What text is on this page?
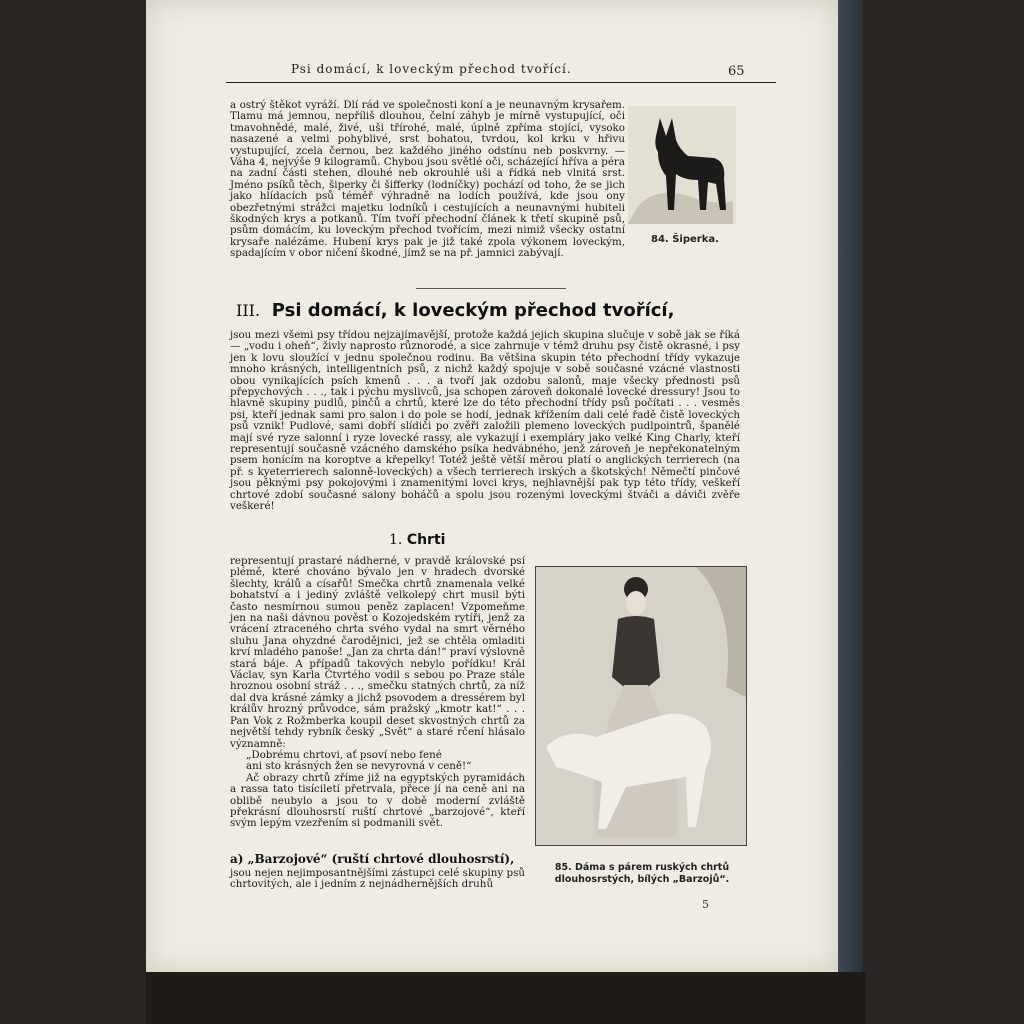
Psi domácí, k loveckým přechod tvořící.	65

a ostrý štěkot vyráží. Dlí rád ve společnosti koní a je neunavným krysařem. Tlamu má jemnou, nepříliš dlouhou, čelní záhyb je mírně vystupující, oči tmavohnědé, malé, živé, uši třírohé, malé, úplně zpříma stojící, vysoko nasazené a velmi pohyblivé, srst bohatou, tvrdou, kol krku v hřivu vystupující, zcela černou, bez každého jiného odstínu neb poskvrny. — Váha 4, nejvýše 9 kilogramů. Chybou jsou světlé oči, scházející hříva a péra na zadní části stehen, dlouhé neb okrouhlé uši a řídká neb vlnitá srst. Jméno psíků těch, šiperky či šifferky (lodníčky) pochází od toho, že se jich jako hlídacích psů téměř výhradně na lodích používá, kde jsou ony obezřetnými strážci majetku lodníků i cestujících a neunavnými hubiteli škodných krys a potkanů. Tím tvoří přechodní článek k třetí skupině psů, psům domácím, ku loveckým přechod tvořícím, mezi nimiž všecky ostatní krysaře nalézáme. Hubení krys pak je již také zpola výkonem loveckým, spadajícím v obor ničení škodné, jímž se na př. jamnici zabývají.

84. Šiperka.
III. Psi domácí, k loveckým přechod tvořící,

jsou mezi všemi psy třídou nejzajímavější, protože každá jejich skupina slučuje v sobě jak se říká — „vodu i oheň“, živly naprosto různorodé, a sice zahrnuje v témž druhu psy čistě okrasné, i psy jen k lovu sloužící v jednu společnou rodinu. Ba většina skupin této přechodní třídy vykazuje mnoho krásných, intelligentních psů, z nichž každý spojuje v sobě současné vzácné vlastnosti obou vynikajících psích kmenů . . . a tvoří jak ozdobu salonů, maje všecky přednosti psů přepychových . . ., tak i pýchu myslivců, jsa schopen zároveň dokonalé lovecké dressury! Jsou to hlavně skupiny pudlů, pinčů a chrtů, které lze do této přechodní třídy psů počítati . . . vesměs psi, kteří jednak sami pro salon i do pole se hodí, jednak křížením dali celé řadě čistě loveckých psů vznik! Pudlové, sami dobří slídiči po zvěři založili plemeno loveckých pudlpointrů, španělé mají své ryze salonní i ryze lovecké rassy, ale vykazují i exempláry jako velké King Charly, kteří representují současně vzácného damského psíka hedvábného, jenž zároveň je nepřekonatelným psem honícím na koroptve a křepelky! Totéž ještě větší měrou platí o anglických terrierech (na př. s kyeterrierech salonně-loveckých) a všech terrierech irských a škotských! Němečtí pinčové jsou pěknými psy pokojovými i znamenitými lovci krys, nejhlavnější pak typ této třídy, veškeří chrtové zdobí současné salony boháčů a spolu jsou rozenými loveckými štváči a dáviči zvěře veškeré!

1. Chrti
representují prastaré nádherné, v pravdě královské psí plémě, které chováno bývalo jen v hradech dvorské šlechty, králů a císařů! Smečka chrtů znamenala velké bohatství a i jediný zvláště velkolepý chrt musil býti často nesmírnou sumou peněz zaplacen! Vzpomeňme jen na naši dávnou pověst o Kozojedském rytíři, jenž za vrácení ztraceného chrta svého vydal na smrt věrného sluhu Jana ohyzdné čarodějnici, jež se chtěla omladiti krví mladého panoše! „Jan za chrta dán!“ praví výslovně stará báje. A případů takových nebylo pořídku! Král Václav, syn Karla Čtvrtého vodil s sebou po Praze stále hroznou osobní stráž . . ., smečku statných chrtů, za níž dal dva krásné zámky a jichž psovodem a dressérem byl králův hrozný průvodce, sám pražský „kmotr kat!“ . . . Pan Vok z Rožmberka koupil deset skvostných chrtů za největší tehdy rybník český „Svět“ a staré rčení hlásalo významně:
„Dobrému chrtovi, ať psoví nebo fené
ani sto krásných žen se nevyrovná v ceně!“
Ač obrazy chrtů zříme již na egyptských pyramidách a rassa tato tisíciletí přetrvala, přece jí na ceně ani na oblibě neubylo a jsou to v době moderní zvláště překrásní dlouhosrstí ruští chrtové „barzojové“, kteří svým lepým vzezřením si podmanili svět.
85. Dáma s párem ruských chrtů dlouhosrstých, bílých „Barzojů“.
a) „Barzojové“ (ruští chrtové dlouhosrstí),

jsou nejen nejimposantnějšími zástupci celé skupiny psů chrtovitých, ale i jedním z nejnádhernějších druhů

5
